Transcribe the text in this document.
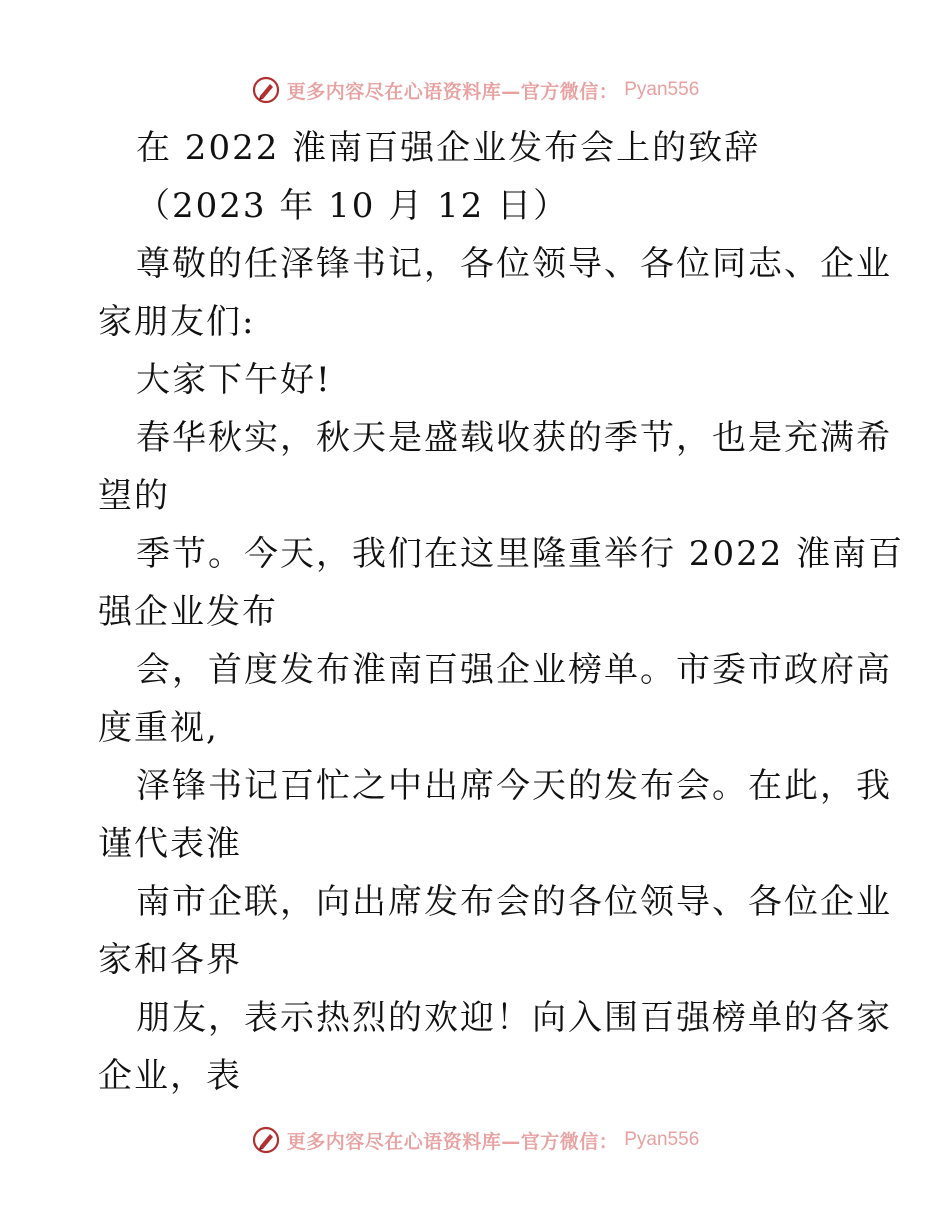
更多内容尽在心语资料库—官方微信： Pyan556
在 2022 淮南百强企业发布会上的致辞
（2023 年 10 月 12 日）
尊敬的任泽锋书记，各位领导、各位同志、企业
家朋友们:
大家下午好!
春华秋实，秋天是盛载收获的季节，也是充满希
望的
季节。今天，我们在这里隆重举行 2022 淮南百
强企业发布
会，首度发布淮南百强企业榜单。市委市政府高
度重视,
泽锋书记百忙之中出席今天的发布会。在此，我
谨代表淮
南市企联，向出席发布会的各位领导、各位企业
家和各界
朋友，表示热烈的欢迎！向入围百强榜单的各家
企业，表
更多内容尽在心语资料库—官方微信： Pyan556
